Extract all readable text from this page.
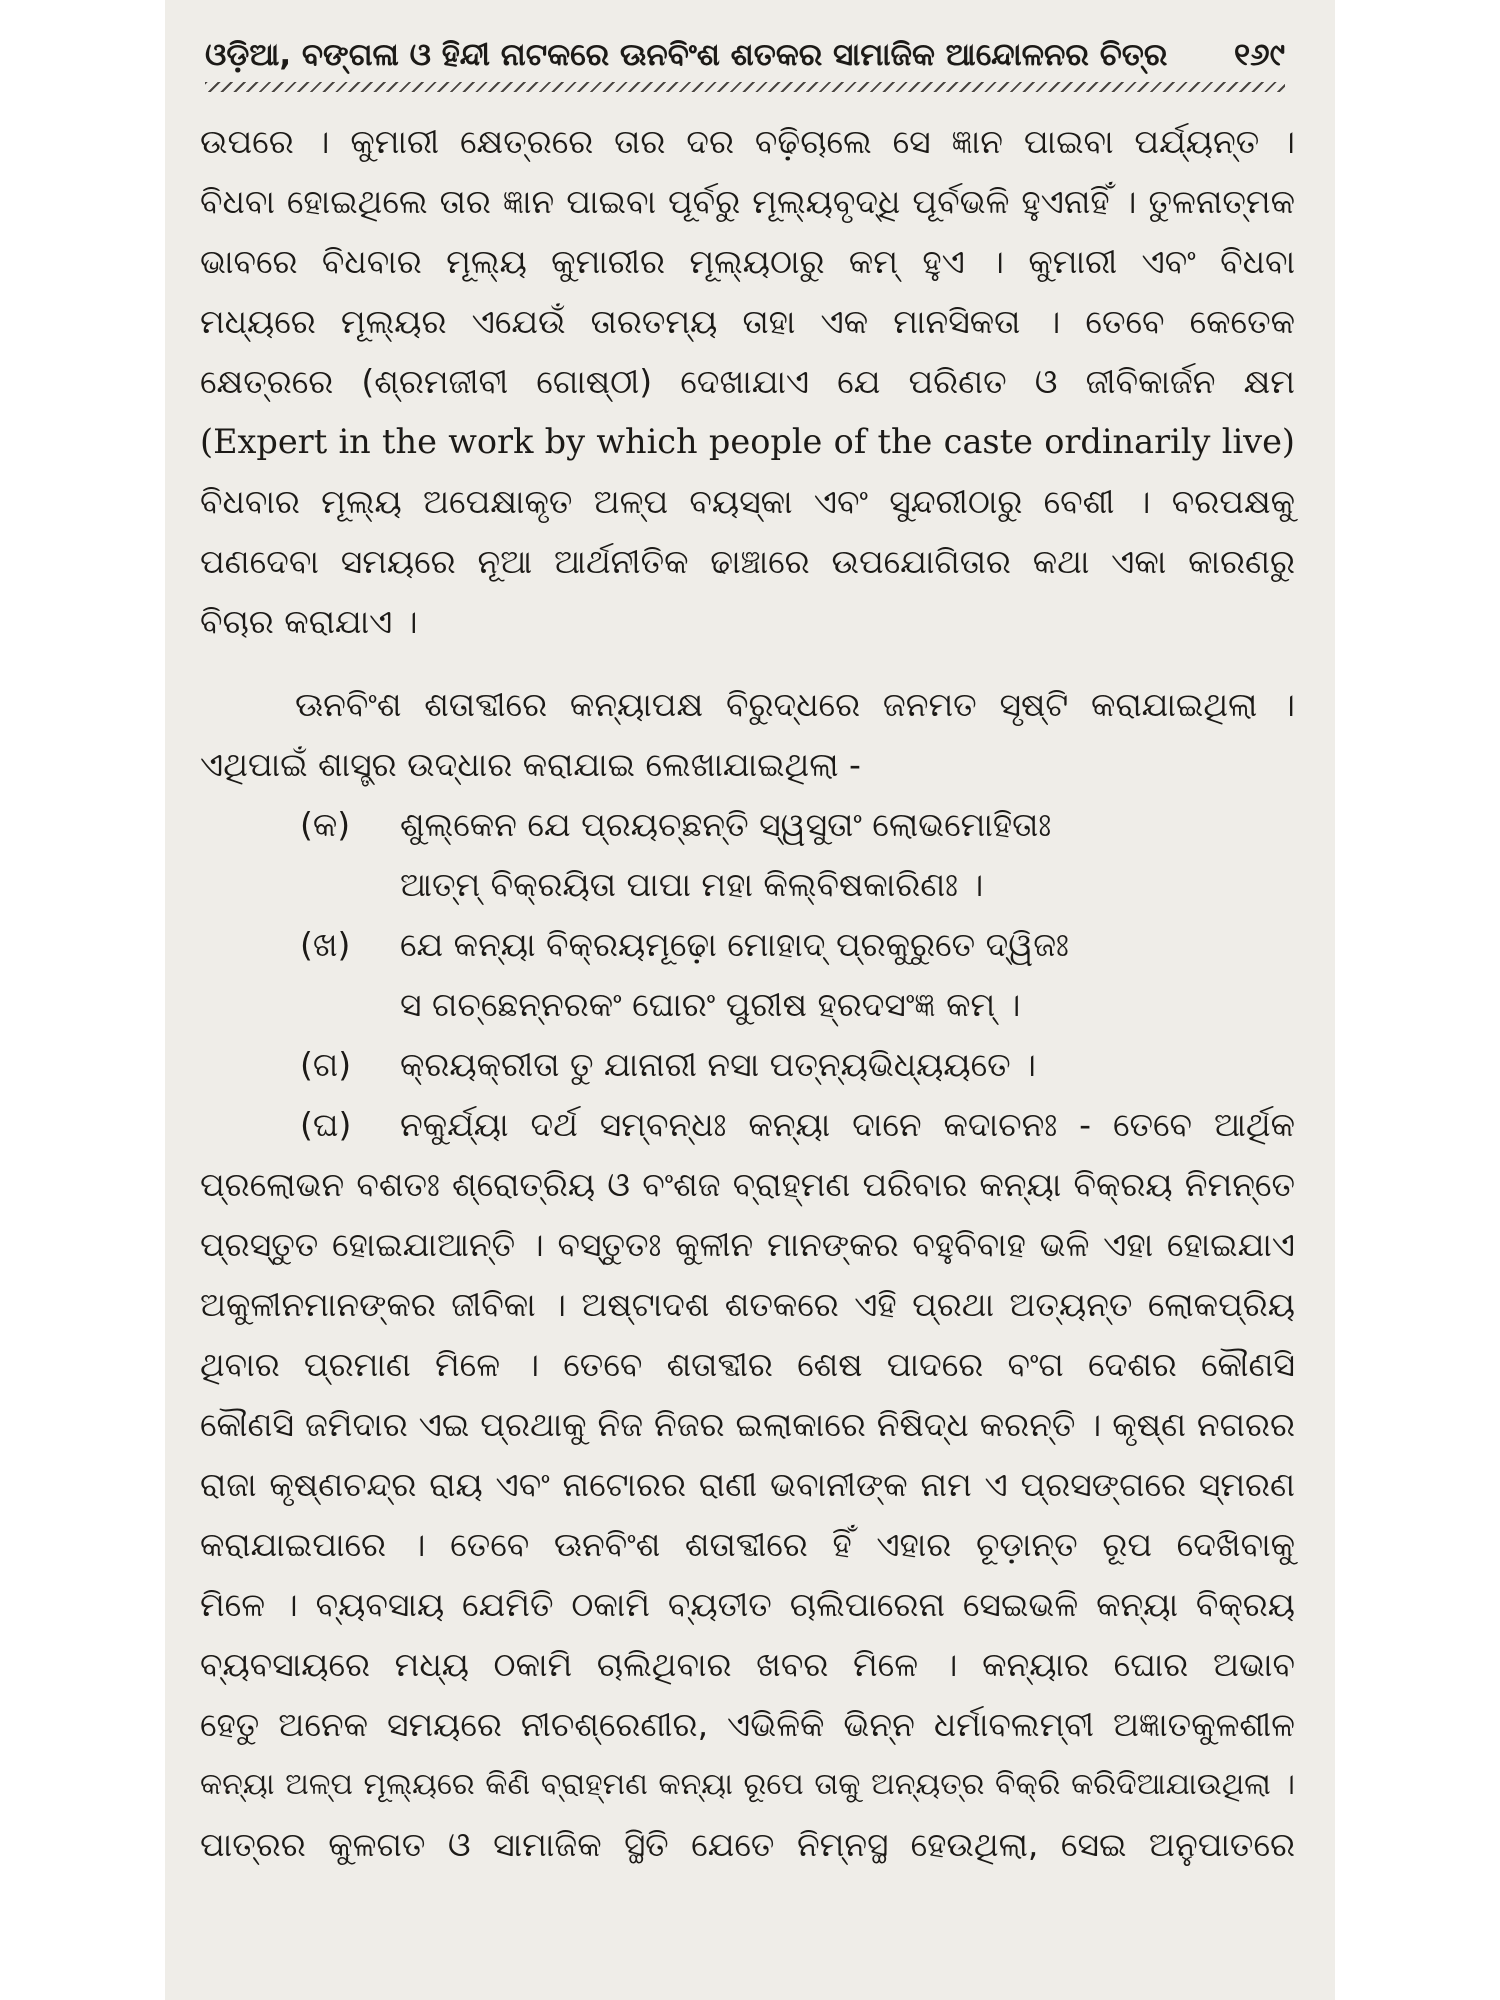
ଓଡ଼ିଆ, ବଙ୍ଗଳା ଓ ହିନ୍ଦୀ ନାଟକରେ ଊନବିଂଶ ଶତକର ସାମାଜିକ ଆନ୍ଦୋଳନର ଚିତ୍ର ୧୬୯
ଉପରେ । କୁମାରୀ କ୍ଷେତ୍ରରେ ତାର ଦର ବଢ଼ିଚାଲେ ସେ ଜ୍ଞାନ ପାଇବା ପର୍ଯ୍ୟନ୍ତ ।
ବିଧବା ହୋଇଥିଲେ ତାର ଜ୍ଞାନ ପାଇବା ପୂର୍ବରୁ ମୂଲ୍ୟବୃଦ୍ଧି ପୂର୍ବଭଳି ହୁଏନାହିଁ । ତୁଳନାତ୍ମକ
ଭାବରେ ବିଧବାର ମୂଲ୍ୟ କୁମାରୀର ମୂଲ୍ୟଠାରୁ କମ୍ ହୁଏ । କୁମାରୀ ଏବଂ ବିଧବା
ମଧ୍ୟରେ ମୂଲ୍ୟର ଏଯେଉଁ ତାରତମ୍ୟ ତାହା ଏକ ମାନସିକତା । ତେବେ କେତେକ
କ୍ଷେତ୍ରରେ (ଶ୍ରମଜୀବୀ ଗୋଷ୍ଠୀ) ଦେଖାଯାଏ ଯେ ପରିଣତ ଓ ଜୀବିକାର୍ଜନ କ୍ଷମ
(Expert in the work by which people of the caste ordinarily live)
ବିଧବାର ମୂଲ୍ୟ ଅପେକ୍ଷାକୃତ ଅଳ୍ପ ବୟସ୍କା ଏବଂ ସୁନ୍ଦରୀଠାରୁ ବେଶୀ । ବରପକ୍ଷକୁ
ପଣଦେବା ସମୟରେ ନୂଆ ଆର୍ଥନୀତିକ ଢାଞ୍ଚାରେ ଉପଯୋଗିତାର କଥା ଏକା କାରଣରୁ
ବିଚାର କରାଯାଏ ।
ଊନବିଂଶ ଶତାବ୍ଦୀରେ କନ୍ୟାପକ୍ଷ ବିରୁଦ୍ଧରେ ଜନମତ ସୃଷ୍ଟି କରାଯାଇଥିଲା ।
ଏଥିପାଇଁ ଶାସ୍ତ୍ର ଉଦ୍ଧାର କରାଯାଇ ଲେଖାଯାଇଥିଲା -
(କ)	ଶୁଲ୍କେନ ଯେ ପ୍ରୟଚ୍ଛନ୍ତି ସ୍ୱସୁତାଂ ଲୋଭମୋହିତାଃ
ଆତ୍ମ୍ ବିକ୍ରୟିତା ପାପା ମହା କିଲ୍‌ବିଷକାରିଣଃ ।
(ଖ)	ଯେ କନ୍ୟା ବିକ୍ରୟମୂଢ଼ୋ ମୋହାଦ୍ ପ୍ରକୁରୁତେ ଦ୍ୱିଜଃ
ସ ଗଚ୍ଛେନ୍ନରକଂ ଘୋରଂ ପୁରୀଷ ହ୍ରଦସଂଜ୍ଞ କମ୍ ।
(ଗ)	କ୍ରୟକ୍ରୀତା ତୁ ଯାନାରୀ ନସା ପତ୍ନ୍ୟଭିଧ୍ୟୟତେ ।
(ଘ)	ନକୁର୍ଯ୍ୟା ଦର୍ଥ ସମ୍ବନ୍ଧଃ କନ୍ୟା ଦାନେ କଦାଚନଃ - ତେବେ ଆର୍ଥିକ
ପ୍ରଲୋଭନ ବଶତଃ ଶ୍ରୋତ୍ରିୟ ଓ ବଂଶଜ ବ୍ରାହ୍ମଣ ପରିବାର କନ୍ୟା ବିକ୍ରୟ ନିମନ୍ତେ
ପ୍ରସ୍ତୁତ ହୋଇଯାଆନ୍ତି । ବସ୍ତୁତଃ କୁଳୀନ ମାନଙ୍କର ବହୁବିବାହ ଭଳି ଏହା ହୋଇଯାଏ
ଅକୁଳୀନମାନଙ୍କର ଜୀବିକା । ଅଷ୍ଟାଦଶ ଶତକରେ ଏହି ପ୍ରଥା ଅତ୍ୟନ୍ତ ଲୋକପ୍ରିୟ
ଥିବାର ପ୍ରମାଣ ମିଳେ । ତେବେ ଶତାବ୍ଦୀର ଶେଷ ପାଦରେ ବଂଗ ଦେଶର କୌଣସି
କୌଣସି ଜମିଦାର ଏଇ ପ୍ରଥାକୁ ନିଜ ନିଜର ଇଲାକାରେ ନିଷିଦ୍ଧ କରନ୍ତି । କୃଷ୍ଣ ନଗରର
ରାଜା କୃଷ୍ଣଚନ୍ଦ୍ର ରାୟ ଏବଂ ନାଟୋରର ରାଣୀ ଭବାନୀଙ୍କ ନାମ ଏ ପ୍ରସଙ୍ଗରେ ସ୍ମରଣ
କରାଯାଇପାରେ । ତେବେ ଊନବିଂଶ ଶତାବ୍ଦୀରେ ହିଁ ଏହାର ଚୂଡ଼ାନ୍ତ ରୂପ ଦେଖିବାକୁ
ମିଳେ । ବ୍ୟବସାୟ ଯେମିତି ଠକାମି ବ୍ୟତୀତ ଚାଲିପାରେନା ସେଇଭଳି କନ୍ୟା ବିକ୍ରୟ
ବ୍ୟବସାୟରେ ମଧ୍ୟ ଠକାମି ଚାଲିଥିବାର ଖବର ମିଳେ । କନ୍ୟାର ଘୋର ଅଭାବ
ହେତୁ ଅନେକ ସମୟରେ ନୀଚଶ୍ରେଣୀର, ଏଭିଳିକି ଭିନ୍ନ ଧର୍ମାବଲମ୍ବୀ ଅଜ୍ଞାତକୁଳଶୀଳ
କନ୍ୟା ଅଳ୍ପ ମୂଲ୍ୟରେ କିଣି ବ୍ରାହ୍ମଣ କନ୍ୟା ରୂପେ ତାକୁ ଅନ୍ୟତ୍ର ବିକ୍ରି କରିଦିଆଯାଉଥିଲା ।
ପାତ୍ରର କୁଳଗତ ଓ ସାମାଜିକ ସ୍ଥିତି ଯେତେ ନିମ୍ନସ୍ଥ ହେଉଥିଲା, ସେଇ ଅନୁପାତରେ
